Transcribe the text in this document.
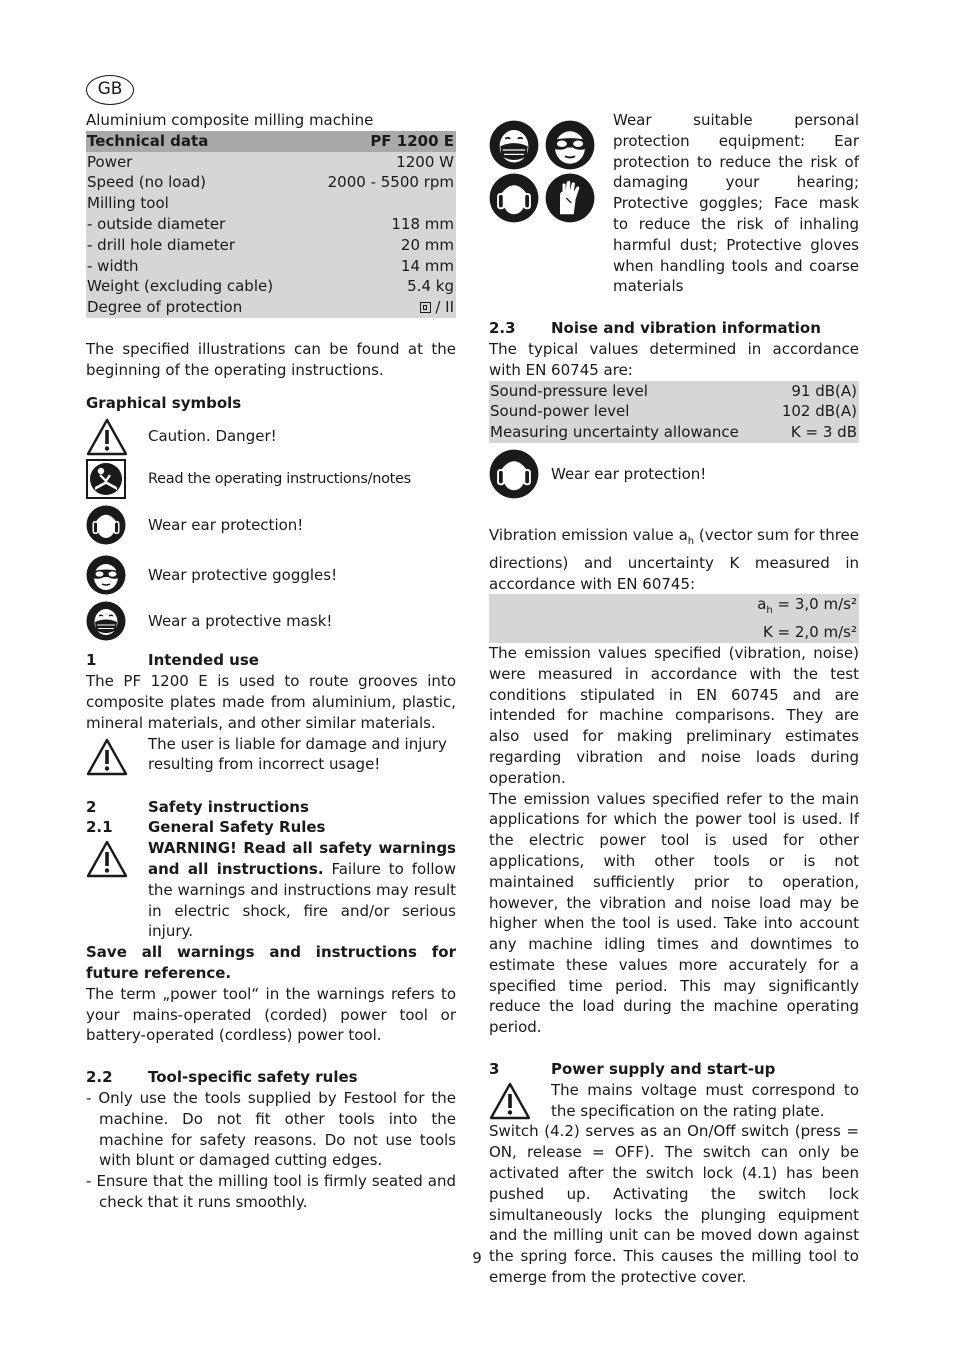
GB
Aluminium composite milling machine
Technical data	PF 1200 E
Power	1200 W
Speed (no load)	2000 - 5500 rpm
Milling tool	
- outside diameter	118 mm
- drill hole diameter	20 mm
- width	14 mm
Weight (excluding cable)	5.4 kg
Degree of protection	/ II
The specified illustrations can be found at the beginning of the operating instructions.
Graphical symbols
Caution. Danger!
Read the operating instructions/notes
Wear ear protection!
Wear protective goggles!
Wear a protective mask!
1	Intended use
The PF 1200 E is used to route grooves into composite plates made from aluminium, plastic, mineral materials, and other similar materials.
The user is liable for damage and injury resulting from incorrect usage!
2	Safety instructions
2.1	General Safety Rules
WARNING! Read all safety warnings and all instructions. Failure to follow the warnings and instructions may result in electric shock, fire and/or serious injury.
Save all warnings and instructions for future reference.
The term „power tool“ in the warnings refers to your mains-operated (corded) power tool or battery-operated (cordless) power tool.
2.2	Tool-specific safety rules
- Only use the tools supplied by Festool for the machine. Do not fit other tools into the machine for safety reasons. Do not use tools with blunt or damaged cutting edges.
- Ensure that the milling tool is firmly seated and check that it runs smoothly.
Wear suitable personal protection equipment: Ear protection to reduce the risk of damaging your hearing; Protective goggles; Face mask to reduce the risk of inhaling harmful dust; Protective gloves when handling tools and coarse materials
2.3	Noise and vibration information
The typical values determined in accordance with EN 60745 are:
Sound-pressure level	91 dB(A)
Sound-power level	102 dB(A)
Measuring uncertainty allowance	K = 3 dB
Wear ear protection!
Vibration emission value $a_h$ (vector sum for three directions) and uncertainty K measured in accordance with EN 60745:
	$a_h = 3,0$ m/s²
	K = 2,0 m/s²
The emission values specified (vibration, noise) were measured in accordance with the test conditions stipulated in EN 60745 and are intended for machine comparisons. They are also used for making preliminary estimates regarding vibration and noise loads during operation.
The emission values specified refer to the main applications for which the power tool is used. If the electric power tool is used for other applications, with other tools or is not maintained sufficiently prior to operation, however, the vibration and noise load may be higher when the tool is used. Take into account any machine idling times and downtimes to estimate these values more accurately for a specified time period. This may significantly reduce the load during the machine operating period.
3	Power supply and start-up
The mains voltage must correspond to the specification on the rating plate.
Switch (4.2) serves as an On/Off switch (press = ON, release = OFF). The switch can only be activated after the switch lock (4.1) has been pushed up. Activating the switch lock simultaneously locks the plunging equipment and the milling unit can be moved down against the spring force. This causes the milling tool to emerge from the protective cover.
9
